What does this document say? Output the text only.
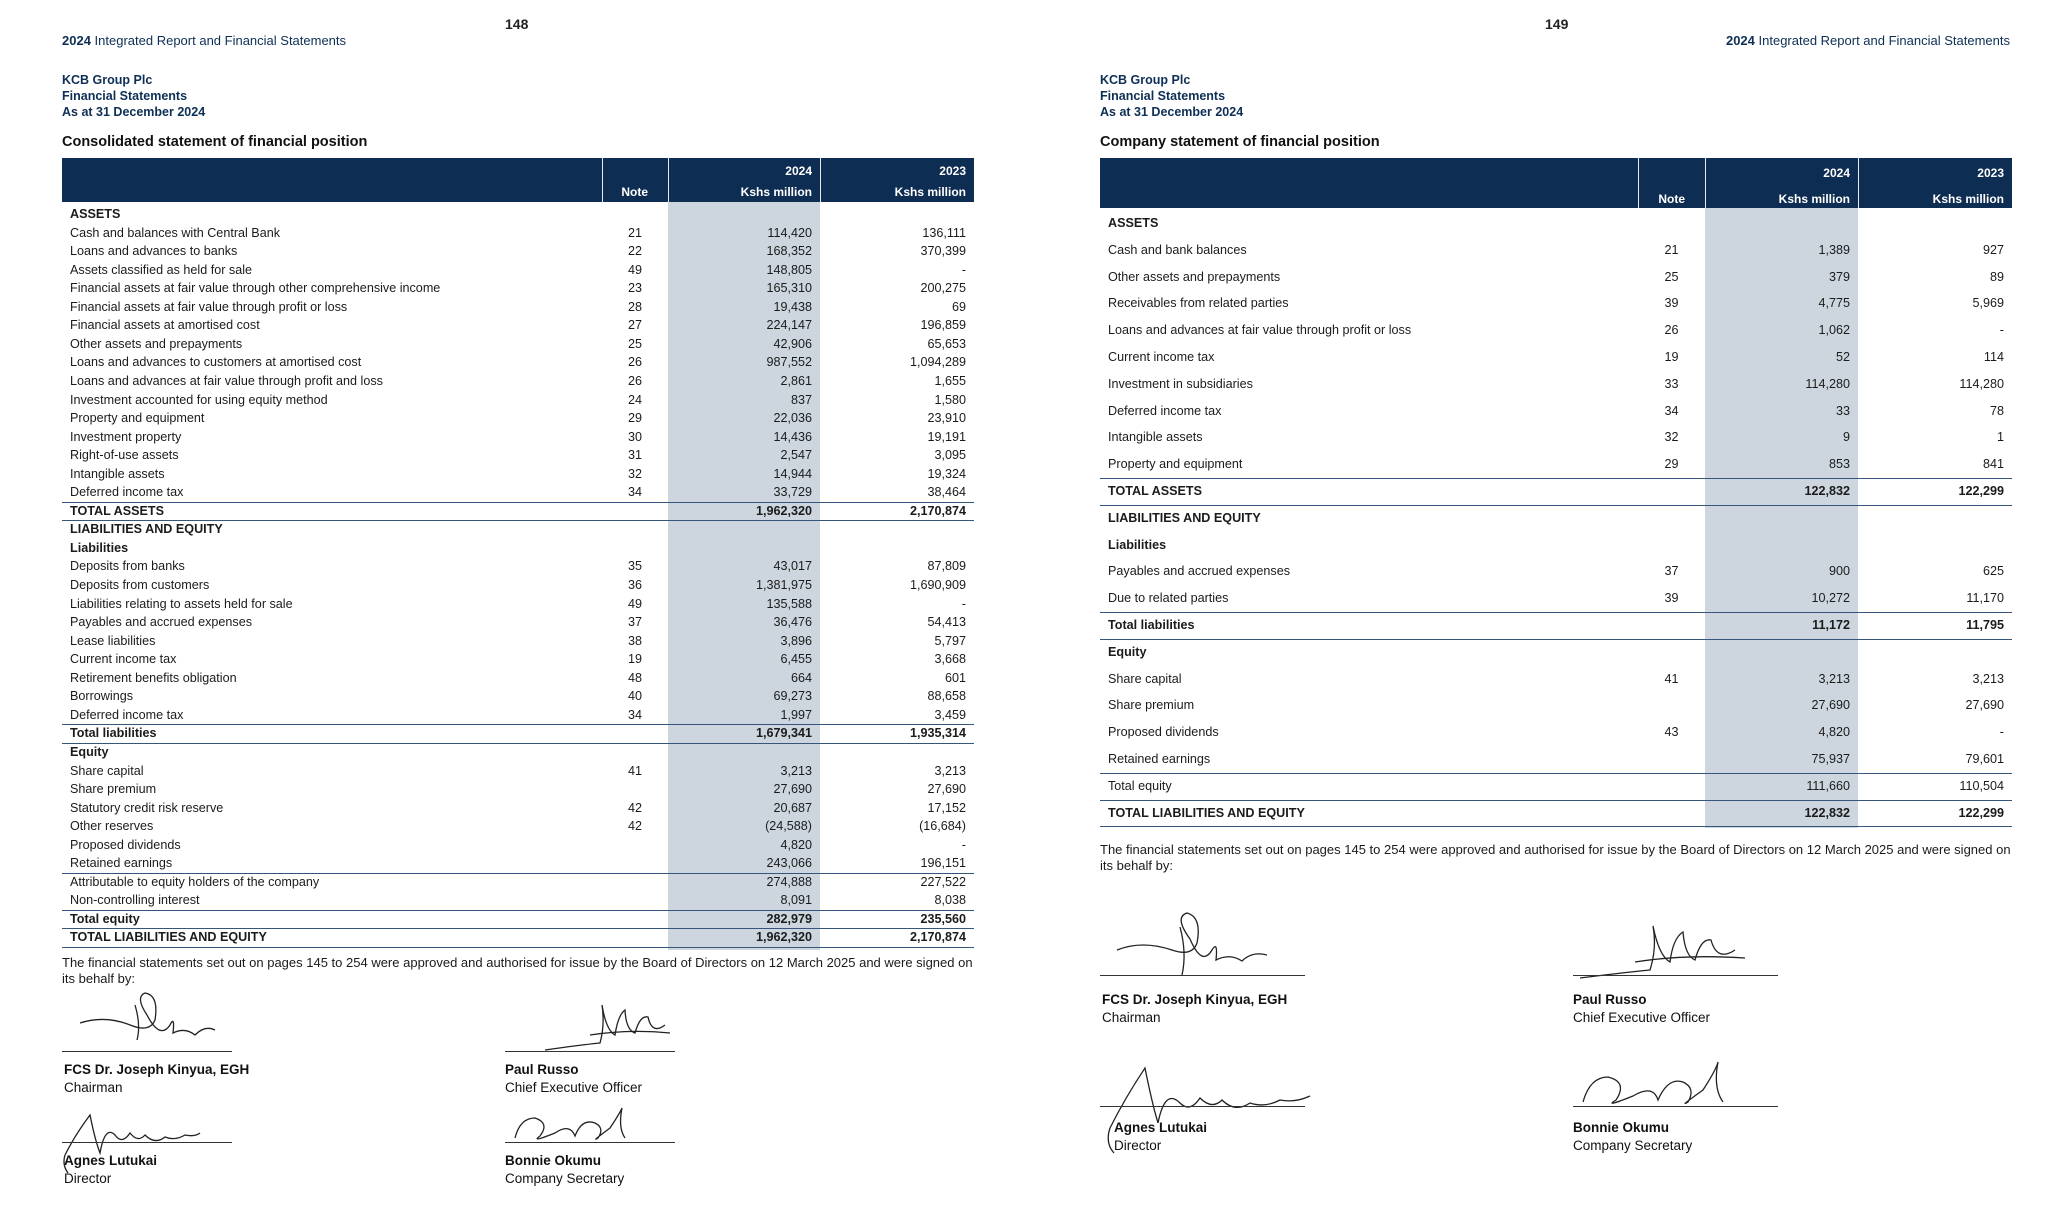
148
2024 Integrated Report and Financial Statements
KCB Group Plc
Financial Statements
As at 31 December 2024
Consolidated statement of financial position
2024	2023
Note	Kshs million	Kshs million
ASSETS
Cash and balances with Central Bank	21	114,420	136,111
Loans and advances to banks	22	168,352	370,399
Assets classified as held for sale	49	148,805	-
Financial assets at fair value through other comprehensive income	23	165,310	200,275
Financial assets at fair value through profit or loss	28	19,438	69
Financial assets at amortised cost	27	224,147	196,859
Other assets and prepayments	25	42,906	65,653
Loans and advances to customers at amortised cost	26	987,552	1,094,289
Loans and advances at fair value through profit and loss	26	2,861	1,655
Investment accounted for using equity method	24	837	1,580
Property and equipment	29	22,036	23,910
Investment property	30	14,436	19,191
Right-of-use assets	31	2,547	3,095
Intangible assets	32	14,944	19,324
Deferred income tax	34	33,729	38,464
TOTAL ASSETS	1,962,320	2,170,874
LIABILITIES AND EQUITY
Liabilities
Deposits from banks	35	43,017	87,809
Deposits from customers	36	1,381,975	1,690,909
Liabilities relating to assets held for sale	49	135,588	-
Payables and accrued expenses	37	36,476	54,413
Lease liabilities	38	3,896	5,797
Current income tax	19	6,455	3,668
Retirement benefits obligation	48	664	601
Borrowings	40	69,273	88,658
Deferred income tax	34	1,997	3,459
Total liabilities	1,679,341	1,935,314
Equity
Share capital	41	3,213	3,213
Share premium	27,690	27,690
Statutory credit risk reserve	42	20,687	17,152
Other reserves	42	(24,588)	(16,684)
Proposed dividends	4,820	-
Retained earnings	243,066	196,151
Attributable to equity holders of the company	274,888	227,522
Non-controlling interest	8,091	8,038
Total equity	282,979	235,560
TOTAL LIABILITIES AND EQUITY	1,962,320	2,170,874
The financial statements set out on pages 145 to 254 were approved and authorised for issue by the Board of Directors on 12 March 2025 and were signed on its behalf by:
FCS Dr. Joseph Kinyua, EGH
Chairman
Paul Russo
Chief Executive Officer
Agnes Lutukai
Director
Bonnie Okumu
Company Secretary
149
2024 Integrated Report and Financial Statements
KCB Group Plc
Financial Statements
As at 31 December 2024
Company statement of financial position
2024	2023
Note	Kshs million	Kshs million
ASSETS
Cash and bank balances	21	1,389	927
Other assets and prepayments	25	379	89
Receivables from related parties	39	4,775	5,969
Loans and advances at fair value through profit or loss	26	1,062	-
Current income tax	19	52	114
Investment in subsidiaries	33	114,280	114,280
Deferred income tax	34	33	78
Intangible assets	32	9	1
Property and equipment	29	853	841
TOTAL ASSETS	122,832	122,299
LIABILITIES AND EQUITY
Liabilities
Payables and accrued expenses	37	900	625
Due to related parties	39	10,272	11,170
Total liabilities	11,172	11,795
Equity
Share capital	41	3,213	3,213
Share premium	27,690	27,690
Proposed dividends	43	4,820	-
Retained earnings	75,937	79,601
Total equity	111,660	110,504
TOTAL LIABILITIES AND EQUITY	122,832	122,299
The financial statements set out on pages 145 to 254 were approved and authorised for issue by the Board of Directors on 12 March 2025 and were signed on its behalf by:
FCS Dr. Joseph Kinyua, EGH
Chairman
Paul Russo
Chief Executive Officer
Agnes Lutukai
Director
Bonnie Okumu
Company Secretary
